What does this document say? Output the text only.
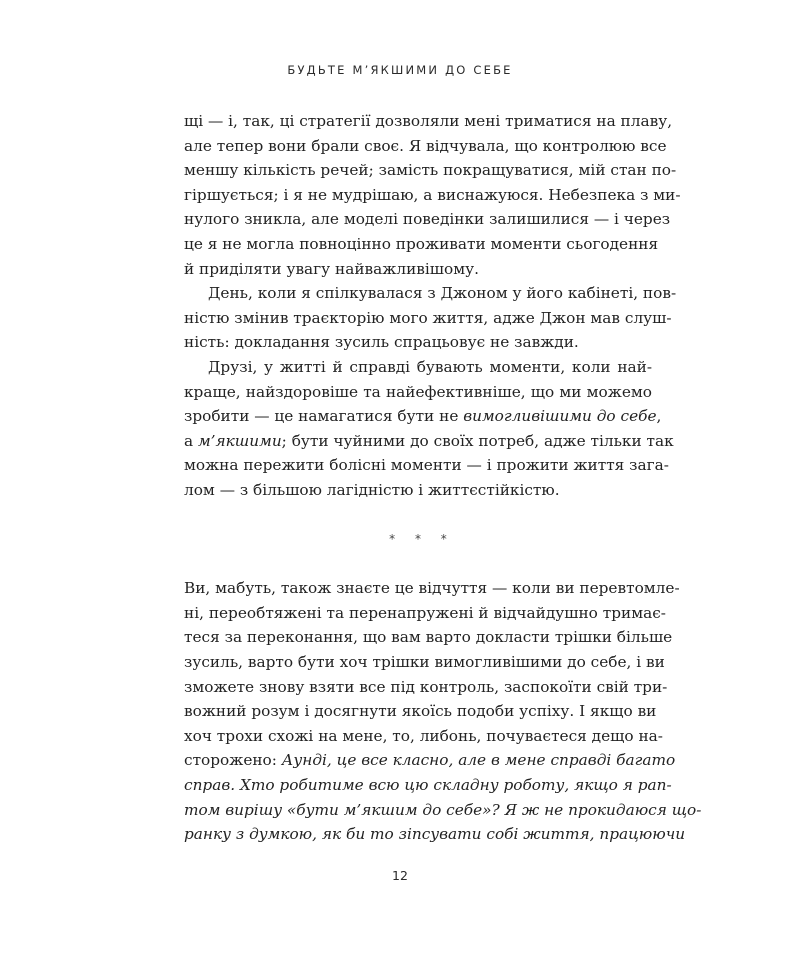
БУДЬТЕ М’ЯКШИМИ ДО СЕБЕ
щі — і, так, ці стратегії дозволяли мені триматися на плаву,
але тепер вони брали своє. Я відчувала, що контролюю все
меншу кількість речей; замість покращуватися, мій стан по-
гіршується; і я не мудрішаю, а виснажуюся. Небезпека з ми-
нулого зникла, але моделі поведінки залишилися — і через
це я не могла повноцінно проживати моменти сьогодення
й приділяти увагу найважливішому.
День, коли я спілкувалася з Джоном у його кабінеті, пов-
ністю змінив траєкторію мого життя, адже Джон мав слуш-
ність: докладання зусиль спрацьовує не завжди.
Друзі, у житті й справді бувають моменти, коли най-
краще, найздоровіше та найефективніше, що ми можемо
зробити — це намагатися бути не вимогливішими до себе,
а м’якшими; бути чуйними до своїх потреб, адже тільки так
можна пережити болісні моменти — і прожити життя зага-
лом — з більшою лагідністю і життєстійкістю.
* * *
Ви, мабуть, також знаєте це відчуття — коли ви перевтомле-
ні, переобтяжені та перенапружені й відчайдушно тримає-
теся за переконання, що вам варто докласти трішки більше
зусиль, варто бути хоч трішки вимогливішими до себе, і ви
зможете знову взяти все під контроль, заспокоїти свій три-
вожний розум і досягнути якоїсь подоби успіху. І якщо ви
хоч трохи схожі на мене, то, либонь, почуваєтеся дещо на-
сторожено: Аунді, це все класно, але в мене справді багато
справ. Хто робитиме всю цю складну роботу, якщо я рап-
том вирішу «бути м’якшим до себе»? Я ж не прокидаюся що-
ранку з думкою, як би то зіпсувати собі життя, працюючи
12
